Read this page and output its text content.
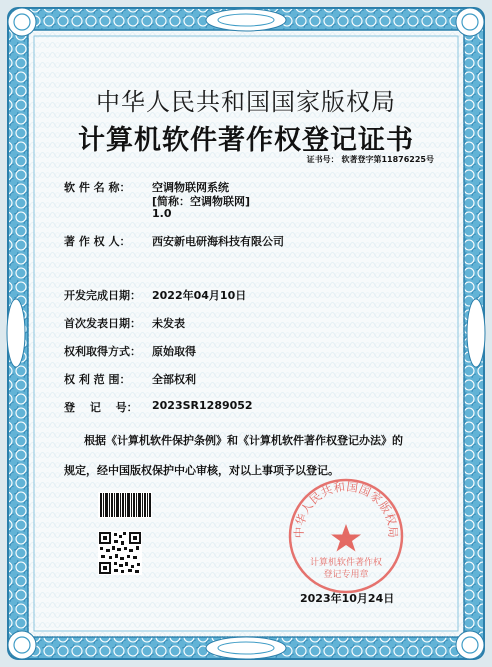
中华人民共和国国家版权局
计算机软件著作权登记证书
证书号： 软著登字第11876225号
软 件 名 称： 空调物联网系统
[简称：空调物联网]
1.0
著 作 权 人： 西安新电研海科技有限公司
开发完成日期： 2022年04月10日
首次发表日期： 未发表
权利取得方式： 原始取得
权 利 范 围： 全部权利
登　 记　 号： 2023SR1289052
根据《计算机软件保护条例》和《计算机软件著作权登记办法》的
规定，经中国版权保护中心审核，对以上事项予以登记。
中华人民共和国国家版权局
计算机软件著作权
登记专用章
2023年10月24日
